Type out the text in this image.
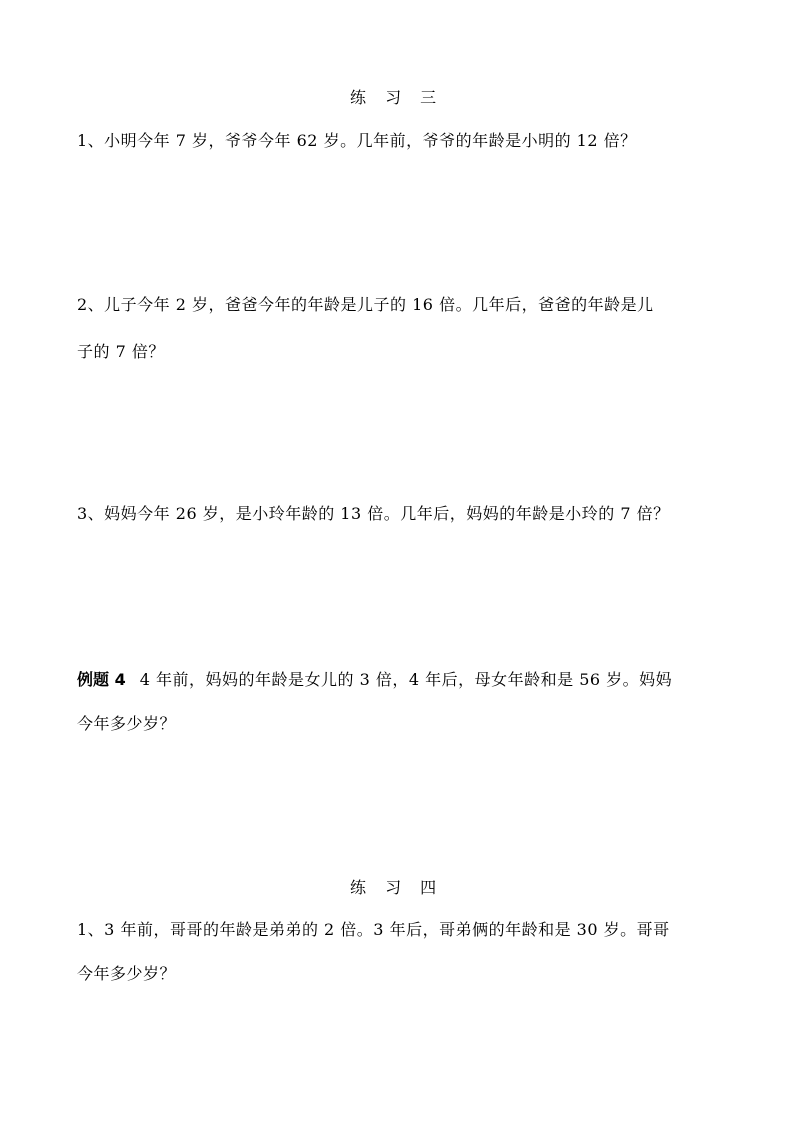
练 习 三
1、小明今年 7 岁，爷爷今年 62 岁。几年前，爷爷的年龄是小明的 12 倍？
2、儿子今年 2 岁，爸爸今年的年龄是儿子的 16 倍。几年后，爸爸的年龄是儿
子的 7 倍？
3、妈妈今年 26 岁，是小玲年龄的 13 倍。几年后，妈妈的年龄是小玲的 7 倍？
例题 4 4 年前，妈妈的年龄是女儿的 3 倍，4 年后，母女年龄和是 56 岁。妈妈
今年多少岁？
练 习 四
1、3 年前，哥哥的年龄是弟弟的 2 倍。3 年后，哥弟俩的年龄和是 30 岁。哥哥
今年多少岁？
